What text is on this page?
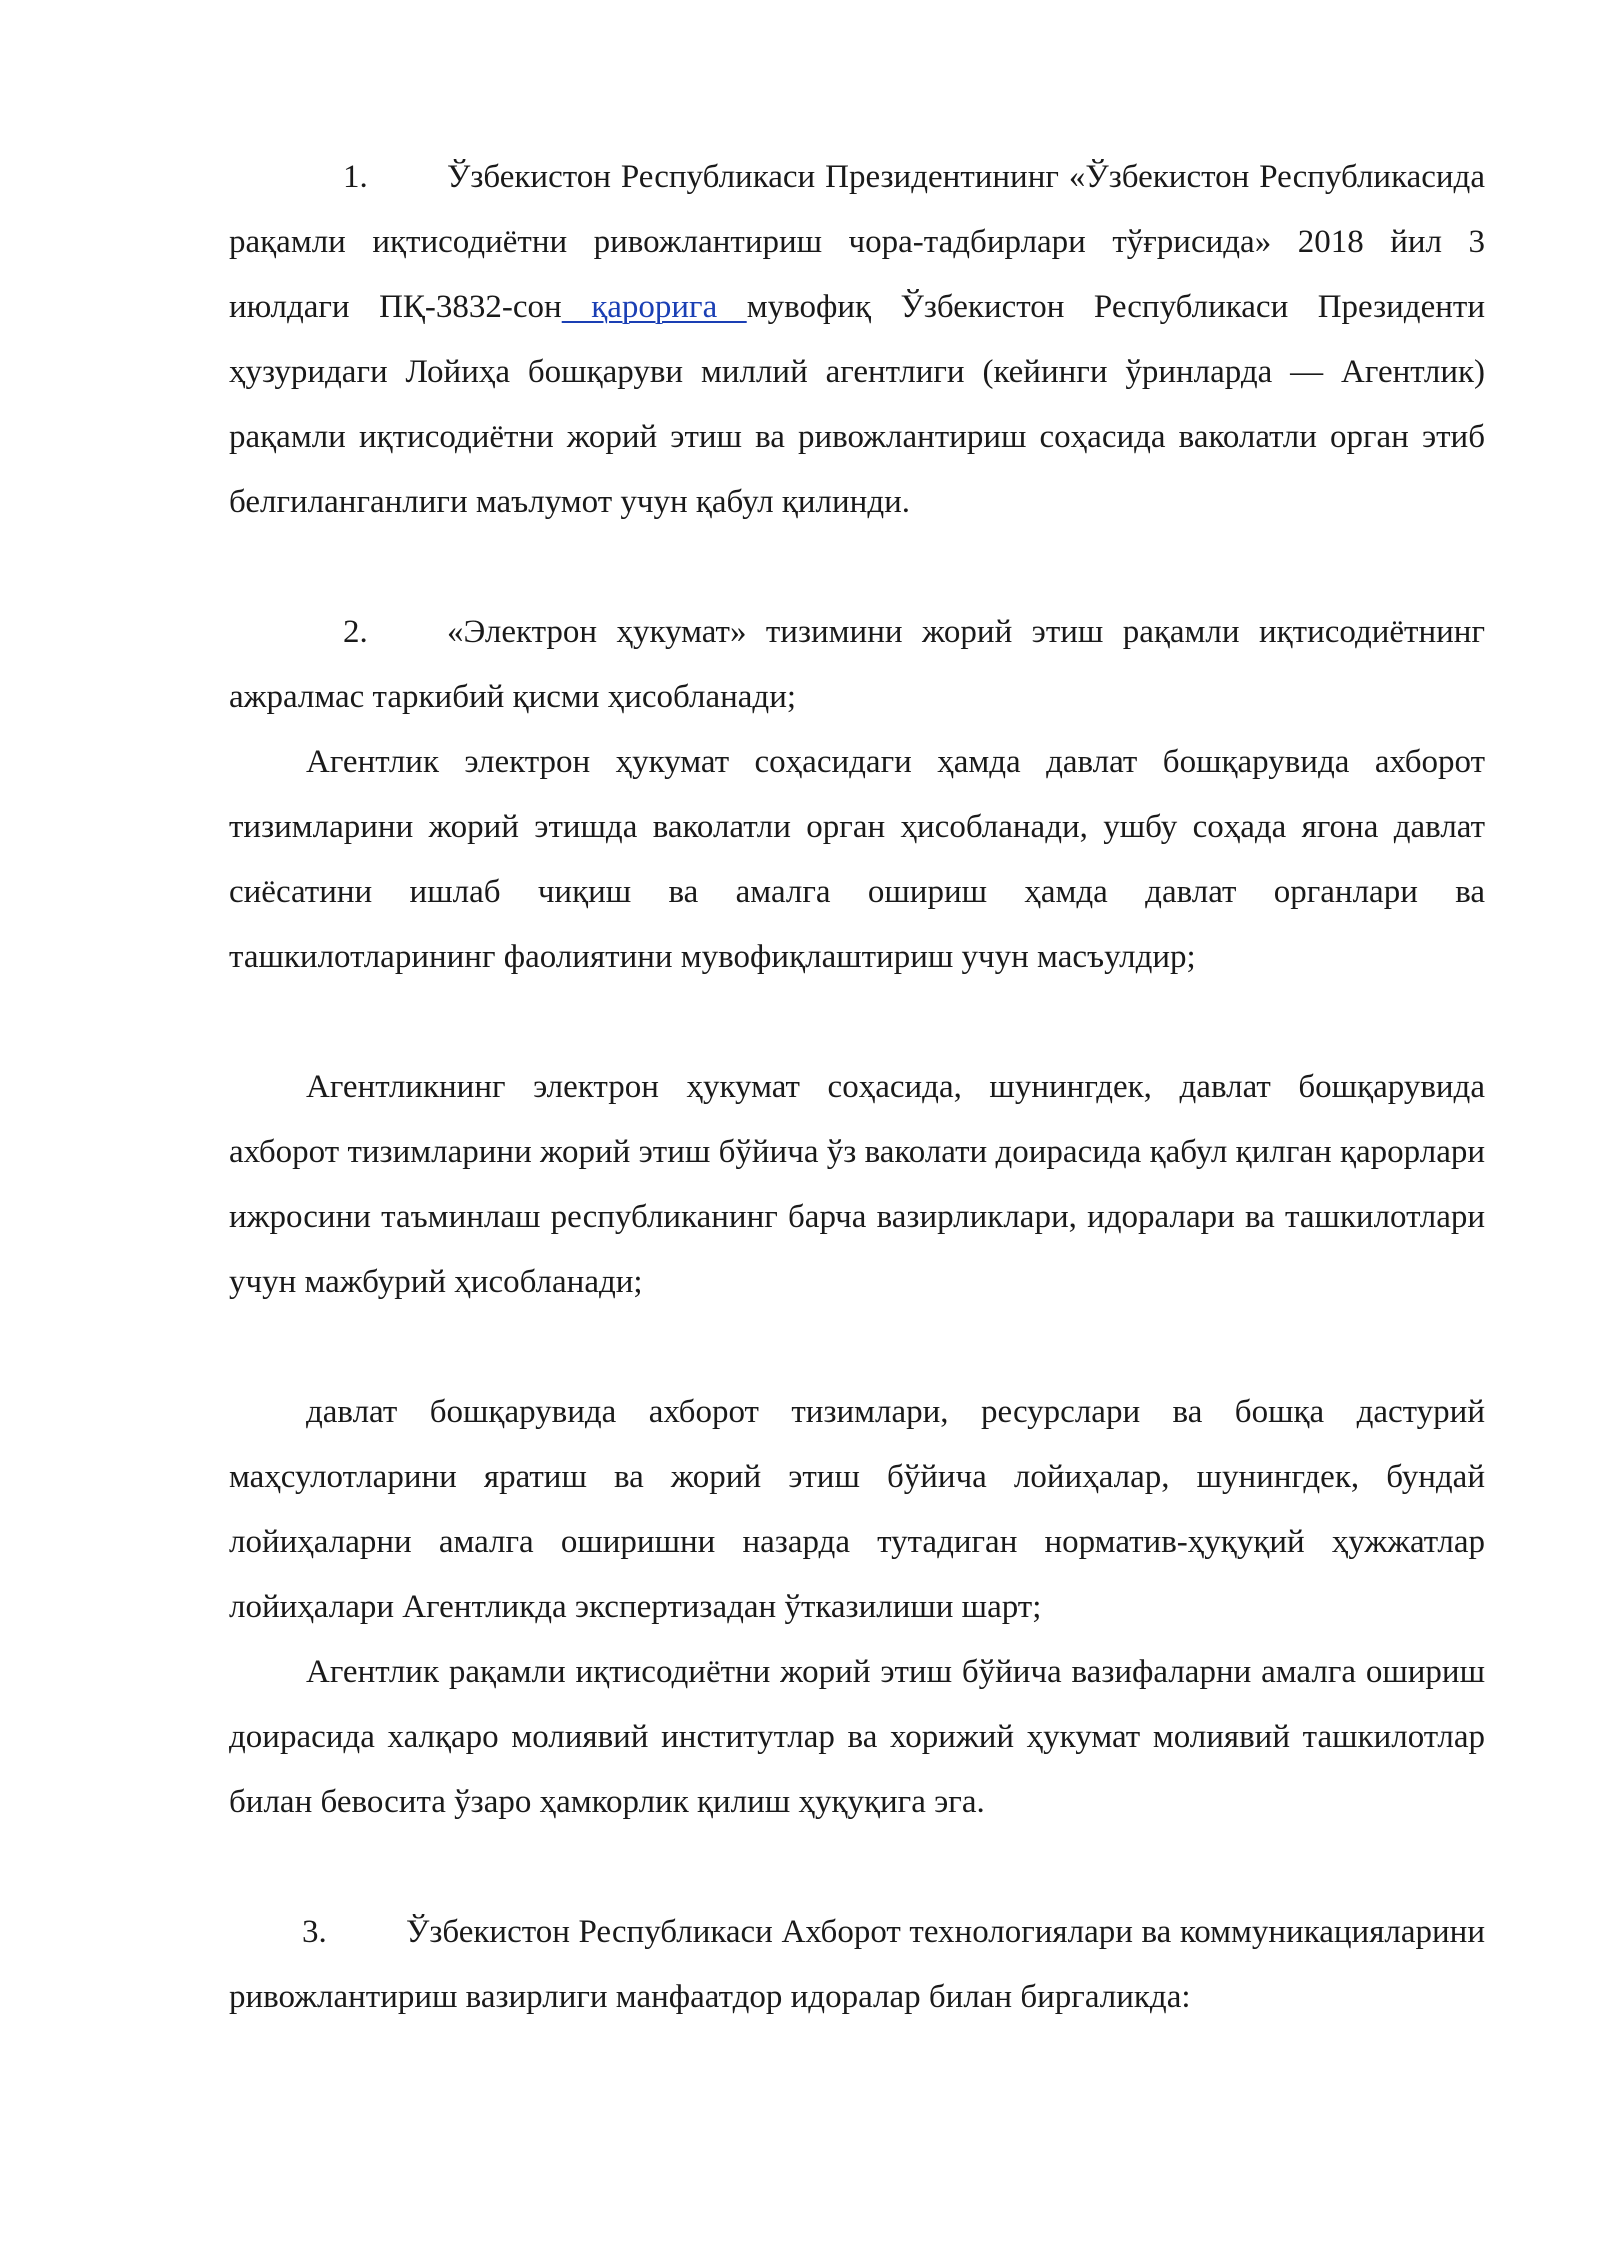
1. Ўзбекистон Республикаси Президентининг «Ўзбекистон Республикасида рақамли иқтисодиётни ривожлантириш чора-тадбирлари тўғрисида» 2018 йил 3 июлдаги ПҚ-3832-сон қарорига мувофиқ Ўзбекистон Республикаси Президенти ҳузуридаги Лойиҳа бошқаруви миллий агентлиги (кейинги ўринларда — Агентлик) рақамли иқтисодиётни жорий этиш ва ривожлантириш соҳасида ваколатли орган этиб белгиланганлиги маълумот учун қабул қилинди.

2. «Электрон ҳукумат» тизимини жорий этиш рақамли иқтисодиётнинг ажралмас таркибий қисми ҳисобланади;

Агентлик электрон ҳукумат соҳасидаги ҳамда давлат бошқарувида ахборот тизимларини жорий этишда ваколатли орган ҳисобланади, ушбу соҳада ягона давлат сиёсатини ишлаб чиқиш ва амалга ошириш ҳамда давлат органлари ва ташкилотларининг фаолиятини мувофиқлаштириш учун масъулдир;

Агентликнинг электрон ҳукумат соҳасида, шунингдек, давлат бошқарувида ахборот тизимларини жорий этиш бўйича ўз ваколати доирасида қабул қилган қарорлари ижросини таъминлаш республиканинг барча вазирликлари, идоралари ва ташкилотлари учун мажбурий ҳисобланади;

давлат бошқарувида ахборот тизимлари, ресурслари ва бошқа дастурий маҳсулотларини яратиш ва жорий этиш бўйича лойиҳалар, шунингдек, бундай лойиҳаларни амалга оширишни назарда тутадиган норматив-ҳуқуқий ҳужжатлар лойиҳалари Агентликда экспертизадан ўтказилиши шарт;

Агентлик рақамли иқтисодиётни жорий этиш бўйича вазифаларни амалга ошириш доирасида халқаро молиявий институтлар ва хорижий ҳукумат молиявий ташкилотлар билан бевосита ўзаро ҳамкорлик қилиш ҳуқуқига эга.

3. Ўзбекистон Республикаси Ахборот технологиялари ва коммуникацияларини ривожлантириш вазирлиги манфаатдор идоралар билан биргаликда:
